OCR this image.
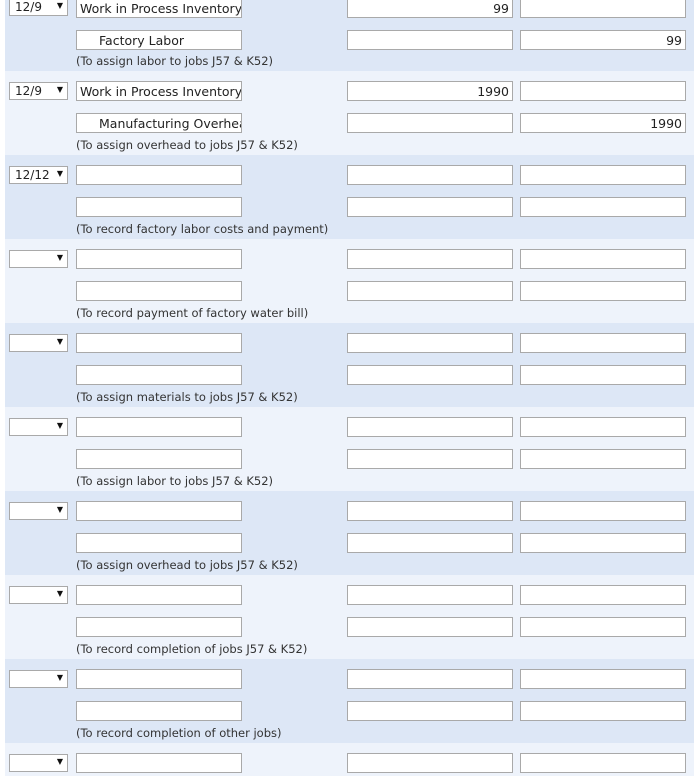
12/9 ▼
Work in Process Inventory
99
Factory Labor
99
(To assign labor to jobs J57 & K52)
12/9 ▼
Work in Process Inventory
1990
Manufacturing Overhea
1990
(To assign overhead to jobs J57 & K52)
12/12 ▼
(To record factory labor costs and payment)
▼
(To record payment of factory water bill)
▼
(To assign materials to jobs J57 & K52)
▼
(To assign labor to jobs J57 & K52)
▼
(To assign overhead to jobs J57 & K52)
▼
(To record completion of jobs J57 & K52)
▼
(To record completion of other jobs)
▼
